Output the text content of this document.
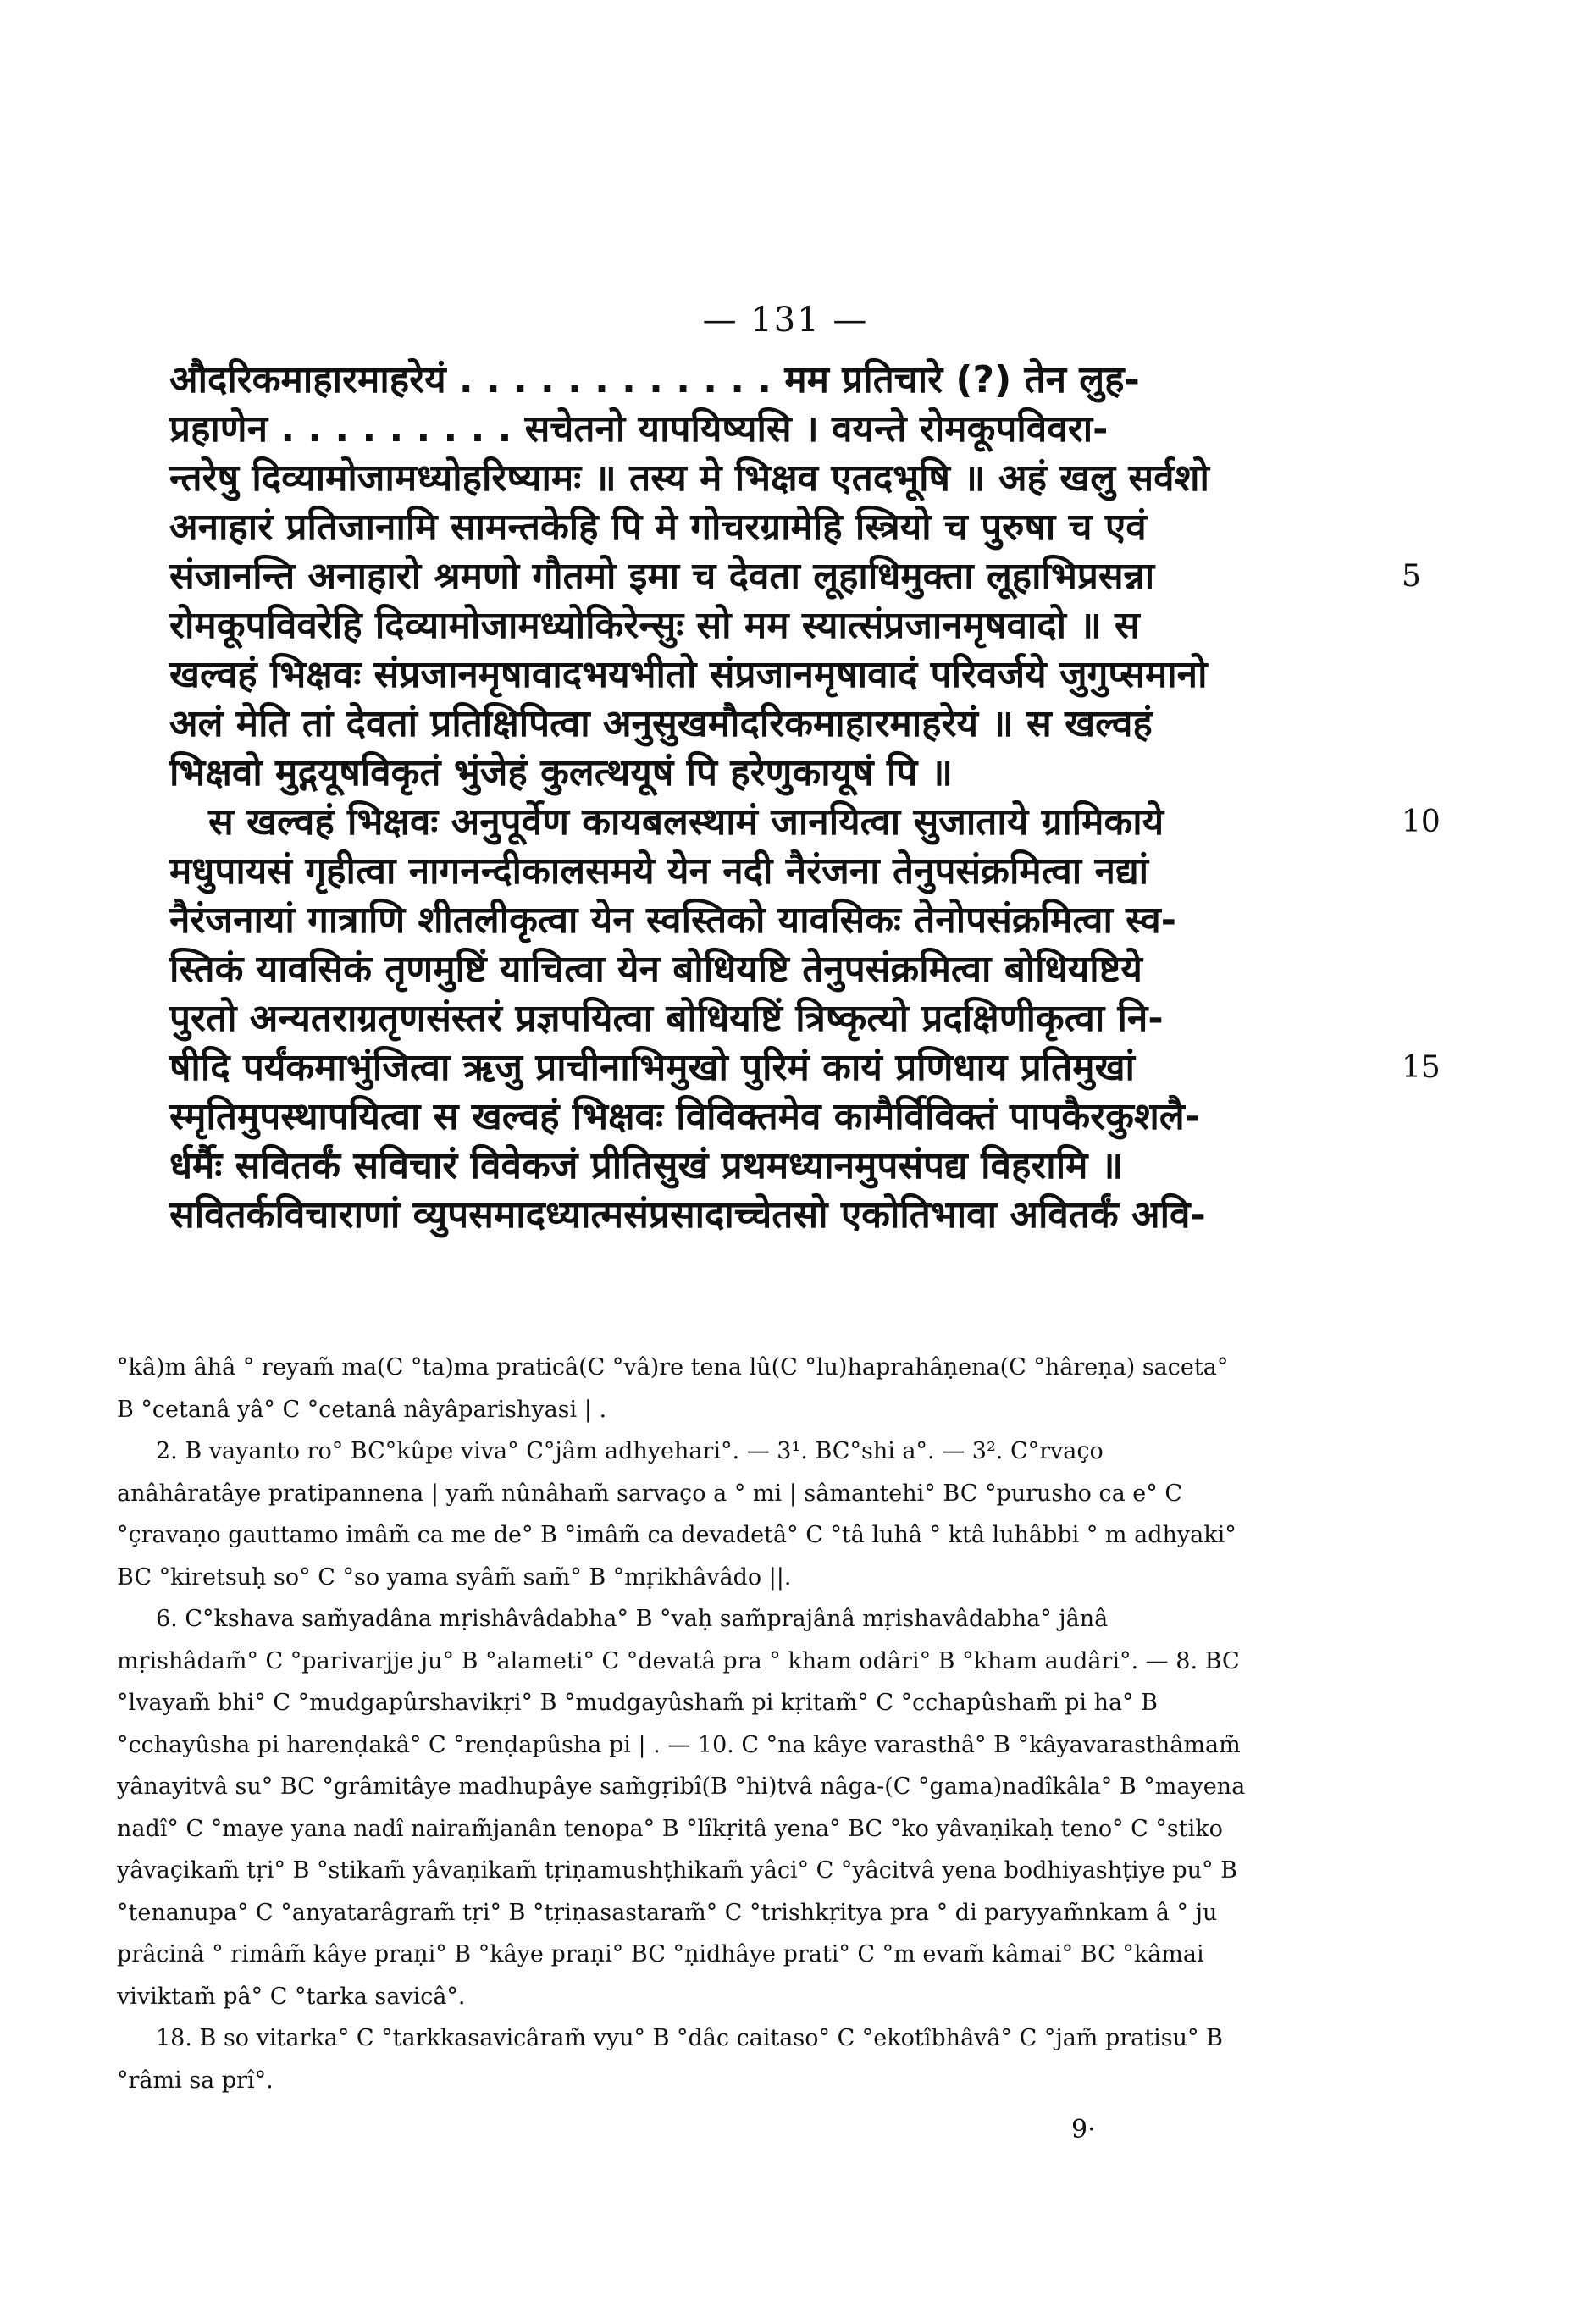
— 131 —
औदरिकमाहारमाहरेयं . . . . . . . . . . . . मम प्रतिचारे (?) तेन लुह-
प्रहाणेन . . . . . . . . . सचेतनो यापयिष्यसि । वयन्ते रोमकूपविवरा-
न्तरेषु दिव्यामोजामध्योहरिष्यामः ॥ तस्य मे भिक्षव एतदभूषि ॥ अहं खलु सर्वशो
अनाहारं प्रतिजानामि सामन्तकेहि पि मे गोचरग्रामेहि स्त्रियो च पुरुषा च एवं
संजानन्ति अनाहारो श्रमणो गौतमो इमा च देवता लूहाधिमुक्ता लूहाभिप्रसन्ना	5
रोमकूपविवरेहि दिव्यामोजामध्योकिरेन्सुः सो मम स्यात्संप्रजानमृषवादो ॥ स
खल्वहं भिक्षवः संप्रजानमृषावादभयभीतो संप्रजानमृषावादं परिवर्जये जुगुप्समानो
अलं मेति तां देवतां प्रतिक्षिपित्वा अनुसुखमौदरिकमाहारमाहरेयं ॥ स खल्वहं
भिक्षवो मुद्गयूषविकृतं भुंजेहं कुलत्थयूषं पि हरेणुकायूषं पि ॥
स खल्वहं भिक्षवः अनुपूर्वेण कायबलस्थामं जानयित्वा सुजाताये ग्रामिकाये	10
मधुपायसं गृहीत्वा नागनन्दीकालसमये येन नदी नैरंजना तेनुपसंक्रमित्वा नद्यां
नैरंजनायां गात्राणि शीतलीकृत्वा येन स्वस्तिको यावसिकः तेनोपसंक्रमित्वा स्व-
स्तिकं यावसिकं तृणमुष्टिं याचित्वा येन बोधियष्टि तेनुपसंक्रमित्वा बोधियष्टिये
पुरतो अन्यतराग्रतृणसंस्तरं प्रज्ञपयित्वा बोधियष्टिं त्रिष्कृत्यो प्रदक्षिणीकृत्वा नि-
षीदि पर्यंकमाभुंजित्वा ऋजु प्राचीनाभिमुखो पुरिमं कायं प्रणिधाय प्रतिमुखां	15
स्मृतिमुपस्थापयित्वा स खल्वहं भिक्षवः विविक्तमेव कामैर्विविक्तं पापकैरकुशलै-
र्धर्मैः सवितर्कं सविचारं विवेकजं प्रीतिसुखं प्रथमध्यानमुपसंपद्य विहरामि ॥
सवितर्कविचाराणां व्युपसमादध्यात्मसंप्रसादाच्चेतसो एकोतिभावा अवितर्कं अवि-

°kâ)m âhâ ° reyam̃ ma(C °ta)ma praticâ(C °vâ)re tena lû(C °lu)haprahâṇena(C °hâreṇa) saceta° B °cetanâ yâ° C °cetanâ nâyâparishyasi | .

2. B vayanto ro° BC°kûpe viva° C°jâm adhyehari°. — 3¹. BC°shi a°. — 3². C°rvaço anâhâratâye pratipannena | yam̃ nûnâham̃ sarvaço a ° mi | sâmantehi° BC °purusho ca e° C °çravaṇo gauttamo imâm̃ ca me de° B °imâm̃ ca devadetâ° C °tâ luhâ ° ktâ luhâbbi ° m adhyaki° BC °kiretsuḥ so° C °so yama syâm̃ sam̃° B °mṛikhâvâdo ||.

6. C°kshava sam̃yadâna mṛishâvâdabha° B °vaḥ sam̃prajânâ mṛishavâdabha° jânâ mṛishâdam̃° C °parivarjje ju° B °alameti° C °devatâ pra ° kham odâri° B °kham audâri°. — 8. BC °lvayam̃ bhi° C °mudgapûrshavikṛi° B °mudgayûsham̃ pi kṛitam̃° C °cchapûsham̃ pi ha° B °cchayûsha pi harenḍakâ° C °renḍapûsha pi | . — 10. C °na kâye varasthâ° B °kâyavarasthâmam̃ yânayitvâ su° BC °grâmitâye madhupâye sam̃gṛibî(B °hi)tvâ nâga-(C °gama)nadîkâla° B °mayena nadî° C °maye yana nadî nairam̃janân tenopa° B °lîkṛitâ yena° BC °ko yâvaṇikaḥ teno° C °stiko yâvaçikam̃ tṛi° B °stikam̃ yâvaṇikam̃ tṛiṇamushṭhikam̃ yâci° C °yâcitvâ yena bodhiyashṭiye pu° B °tenanupa° C °anyatarâgram̃ tṛi° B °tṛiṇasastaram̃° C °trishkṛitya pra ° di paryyam̃nkam â ° ju prâcinâ ° rimâm̃ kâye praṇi° B °kâye praṇi° BC °ṇidhâye prati° C °m evam̃ kâmai° BC °kâmai viviktam̃ pâ° C °tarka savicâ°.

18. B so vitarka° C °tarkkasavicâram̃ vyu° B °dâc caitaso° C °ekotîbhâvâ° C °jam̃ pratisu° B °râmi sa prî°.

9·
